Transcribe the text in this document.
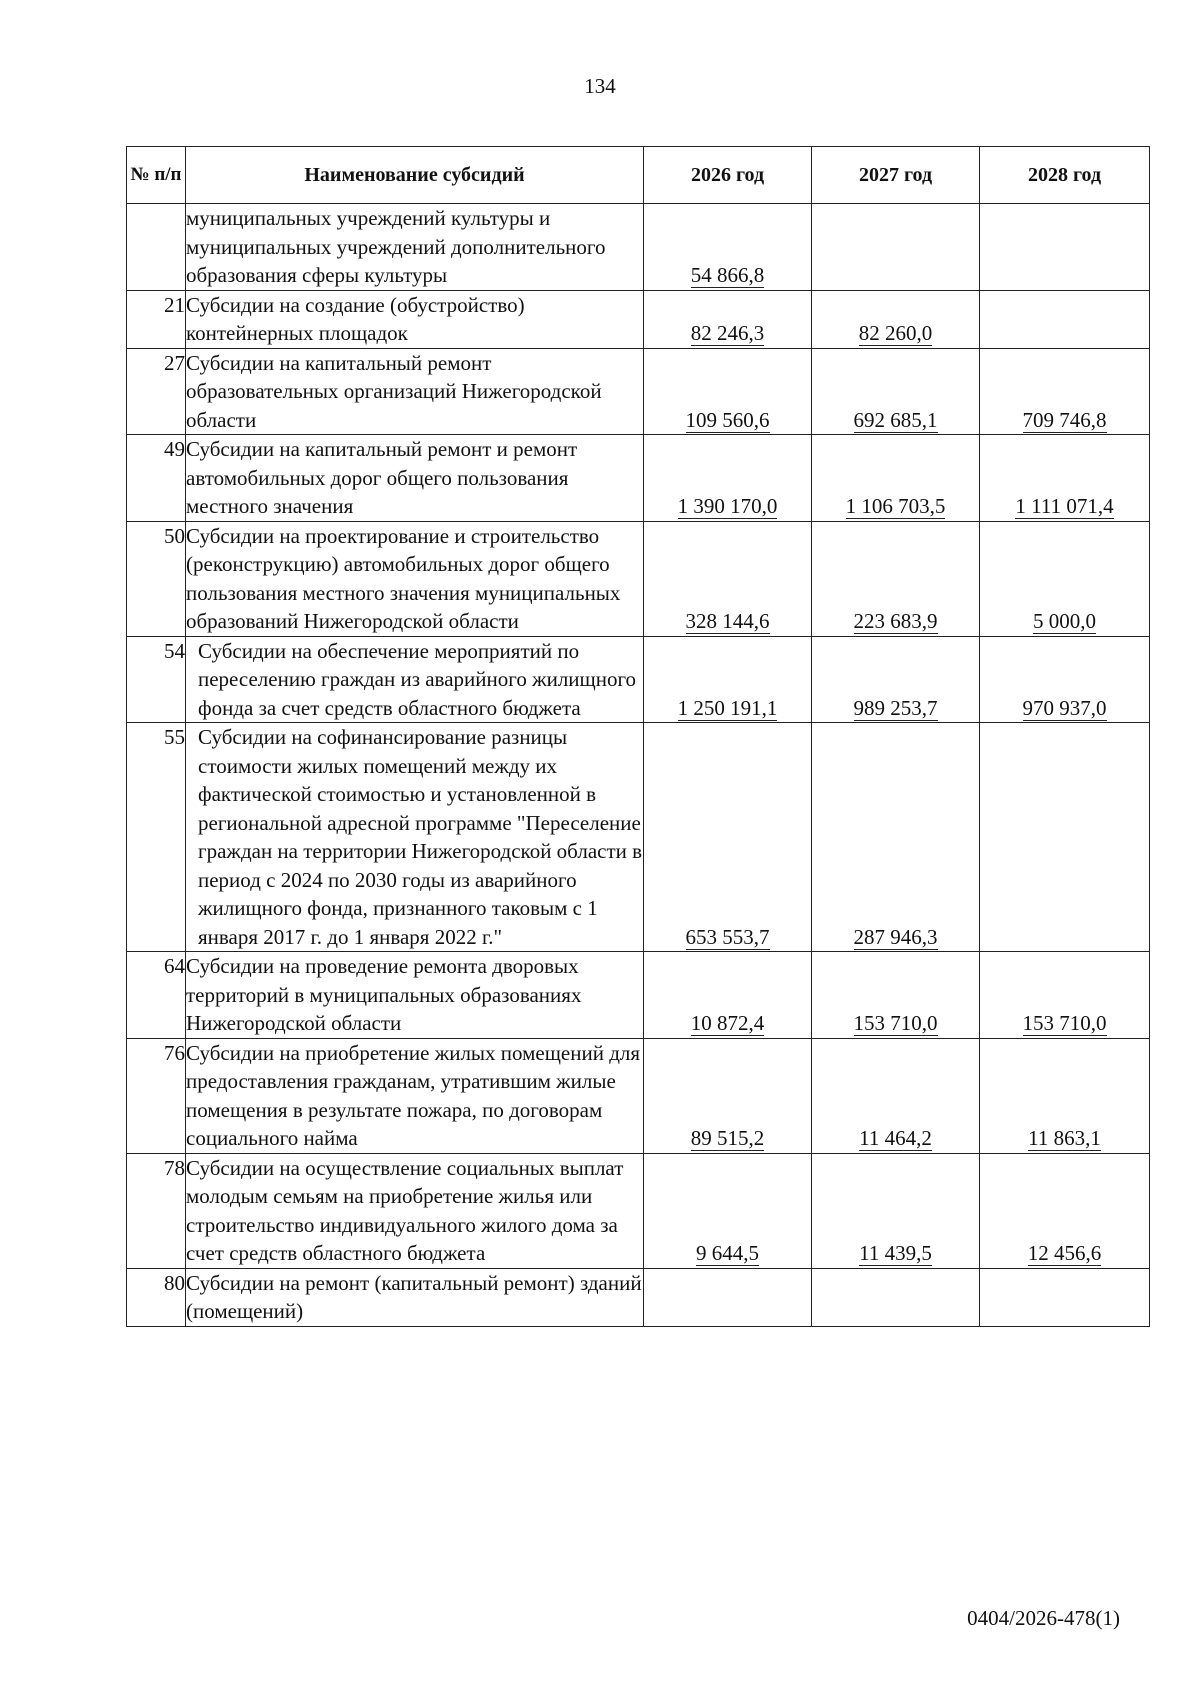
134
№ п/п	Наименование субсидий	2026 год	2027 год	2028 год
	муниципальных учреждений культуры и муниципальных учреждений дополнительного образования сферы культуры	54 866,8		
21	Субсидии на создание (обустройство) контейнерных площадок	82 246,3	82 260,0	
27	Субсидии на капитальный ремонт образовательных организаций Нижегородской области	109 560,6	692 685,1	709 746,8
49	Субсидии на капитальный ремонт и ремонт автомобильных дорог общего пользования местного значения	1 390 170,0	1 106 703,5	1 111 071,4
50	Субсидии на проектирование и строительство (реконструкцию) автомобильных дорог общего пользования местного значения муниципальных образований Нижегородской области	328 144,6	223 683,9	5 000,0
54	Субсидии на обеспечение мероприятий по переселению граждан из аварийного жилищного фонда за счет средств областного бюджета	1 250 191,1	989 253,7	970 937,0
55	Субсидии на софинансирование разницы стоимости жилых помещений между их фактической стоимостью и установленной в региональной адресной программе "Переселение граждан на территории Нижегородской области в период с 2024 по 2030 годы из аварийного жилищного фонда, признанного таковым с 1 января 2017 г. до 1 января 2022 г."	653 553,7	287 946,3	
64	Субсидии на проведение ремонта дворовых территорий в муниципальных образованиях Нижегородской области	10 872,4	153 710,0	153 710,0
76	Субсидии на приобретение жилых помещений для предоставления гражданам, утратившим жилые помещения в результате пожара, по договорам социального найма	89 515,2	11 464,2	11 863,1
78	Субсидии на осуществление социальных выплат молодым семьям на приобретение жилья или строительство индивидуального жилого дома за счет средств областного бюджета	9 644,5	11 439,5	12 456,6
80	Субсидии на ремонт (капитальный ремонт) зданий (помещений)			
0404/2026-478(1)
